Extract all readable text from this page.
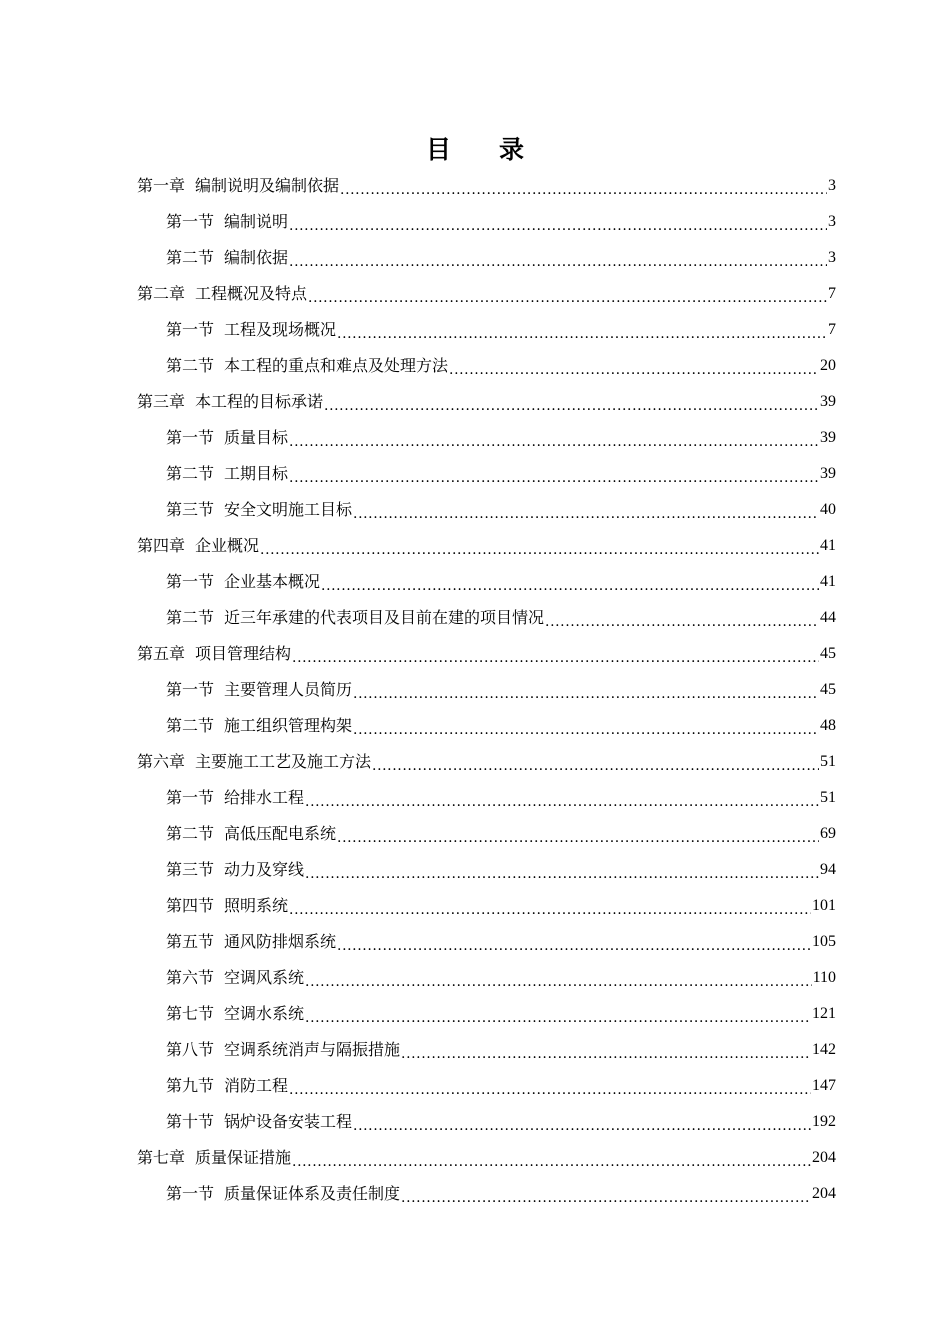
目 录
第一章 编制说明及编制依据 .....	3
第一节 编制说明 .....	3
第二节 编制依据 .....	3
第二章 工程概况及特点 .....	7
第一节 工程及现场概况 .....	7
第二节 本工程的重点和难点及处理方法 .....	20
第三章 本工程的目标承诺 .....	39
第一节 质量目标 .....	39
第二节 工期目标 .....	39
第三节 安全文明施工目标 .....	40
第四章 企业概况 .....	41
第一节 企业基本概况 .....	41
第二节 近三年承建的代表项目及目前在建的项目情况 .....	44
第五章 项目管理结构 .....	45
第一节 主要管理人员简历 .....	45
第二节 施工组织管理构架 .....	48
第六章 主要施工工艺及施工方法 .....	51
第一节 给排水工程 .....	51
第二节 高低压配电系统 .....	69
第三节 动力及穿线 .....	94
第四节 照明系统 .....	101
第五节 通风防排烟系统 .....	105
第六节 空调风系统 .....	110
第七节 空调水系统 .....	121
第八节 空调系统消声与隔振措施 .....	142
第九节 消防工程 .....	147
第十节 锅炉设备安装工程 .....	192
第七章 质量保证措施 .....	204
第一节 质量保证体系及责任制度 .....	204
